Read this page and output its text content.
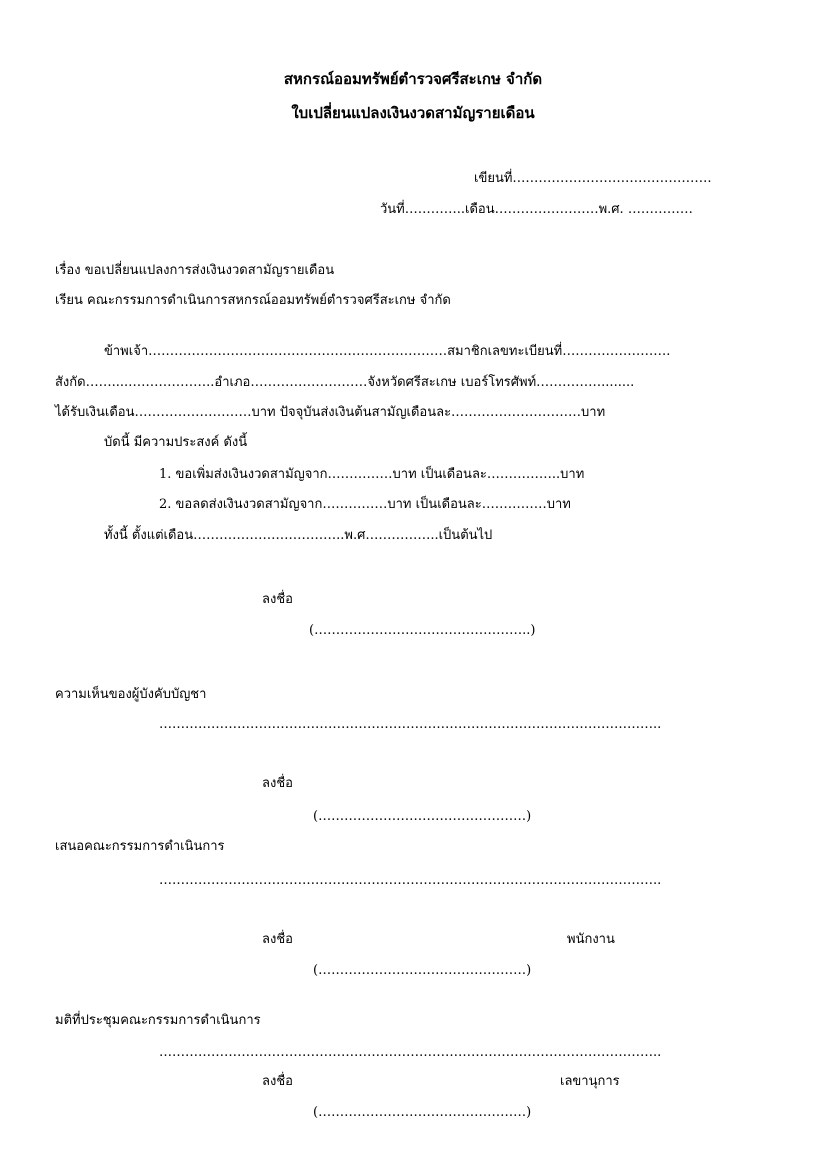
สหกรณ์ออมทรัพย์ตำรวจศรีสะเกษ จำกัด
ใบเปลี่ยนแปลงเงินงวดสามัญรายเดือน
เขียนที่……………………………………….
วันที่…………..เดือน……………………พ.ศ. ……………
เรื่อง ขอเปลี่ยนแปลงการส่งเงินงวดสามัญรายเดือน
เรียน คณะกรรมการดำเนินการสหกรณ์ออมทรัพย์ตำรวจศรีสะเกษ จำกัด
ข้าพเจ้า……………………………………………………………สมาชิกเลขทะเบียนที่…………………….
สังกัด……....………………..อำเภอ………………………จังหวัดศรีสะเกษ เบอร์โทรศัพท์……………........
ได้รับเงินเดือน………………………บาท ปัจจุบันส่งเงินต้นสามัญเดือนละ…………………………บาท
บัดนี้ มีความประสงค์ ดังนี้
1. ขอเพิ่มส่งเงินงวดสามัญจาก……………บาท เป็นเดือนละ……………..บาท
2. ขอลดส่งเงินงวดสามัญจาก……………บาท เป็นเดือนละ……………บาท
ทั้งนี้ ตั้งแต่เดือน……………………………..พ.ศ……………..เป็นต้นไป
ลงชื่อ
(…………………………………………..)
ความเห็นของผู้บังคับบัญชา
……………………………………………………………………………………………………..
ลงชื่อ
(…………………………………………)
เสนอคณะกรรมการดำเนินการ
……………………………………………………………………………………………………..
ลงชื่อ	พนักงาน
(…………………………………………)
มติที่ประชุมคณะกรรมการดำเนินการ
……………………………………………………………………………………………………..
ลงชื่อ	เลขานุการ
(…………………………………………)
